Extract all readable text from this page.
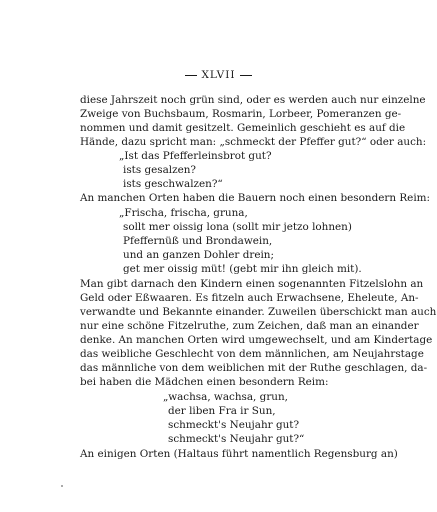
XLVII
diese Jahrszeit noch grün sind, oder es werden auch nur einzelne
Zweige von Buchsbaum, Rosmarin, Lorbeer, Pomeranzen ge-
nommen und damit gesitzelt. Gemeinlich geschieht es auf die
Hände, dazu spricht man: „schmeckt der Pfeffer gut?“ oder auch:
„Ist das Pfefferleinsbrot gut?
ists gesalzen?
ists geschwalzen?“
An manchen Orten haben die Bauern noch einen besondern Reim:
„Frischa, frischa, gruna,
sollt mer oissig lona (sollt mir jetzo lohnen)
Pfeffernüß und Brondawein,
und an ganzen Dohler drein;
get mer oissig müt! (gebt mir ihn gleich mit).
Man gibt darnach den Kindern einen sogenannten Fitzelslohn an
Geld oder Eßwaaren. Es fitzeln auch Erwachsene, Eheleute, An-
verwandte und Bekannte einander. Zuweilen überschickt man auch
nur eine schöne Fitzelruthe, zum Zeichen, daß man an einander
denke. An manchen Orten wird umgewechselt, und am Kindertage
das weibliche Geschlecht von dem männlichen, am Neujahrstage
das männliche von dem weiblichen mit der Ruthe geschlagen, da-
bei haben die Mädchen einen besondern Reim:
„wachsa, wachsa, grun,
der liben Fra ir Sun,
schmeckt's Neujahr gut?
schmeckt's Neujahr gut?“
An einigen Orten (Haltaus führt namentlich Regensburg an)
